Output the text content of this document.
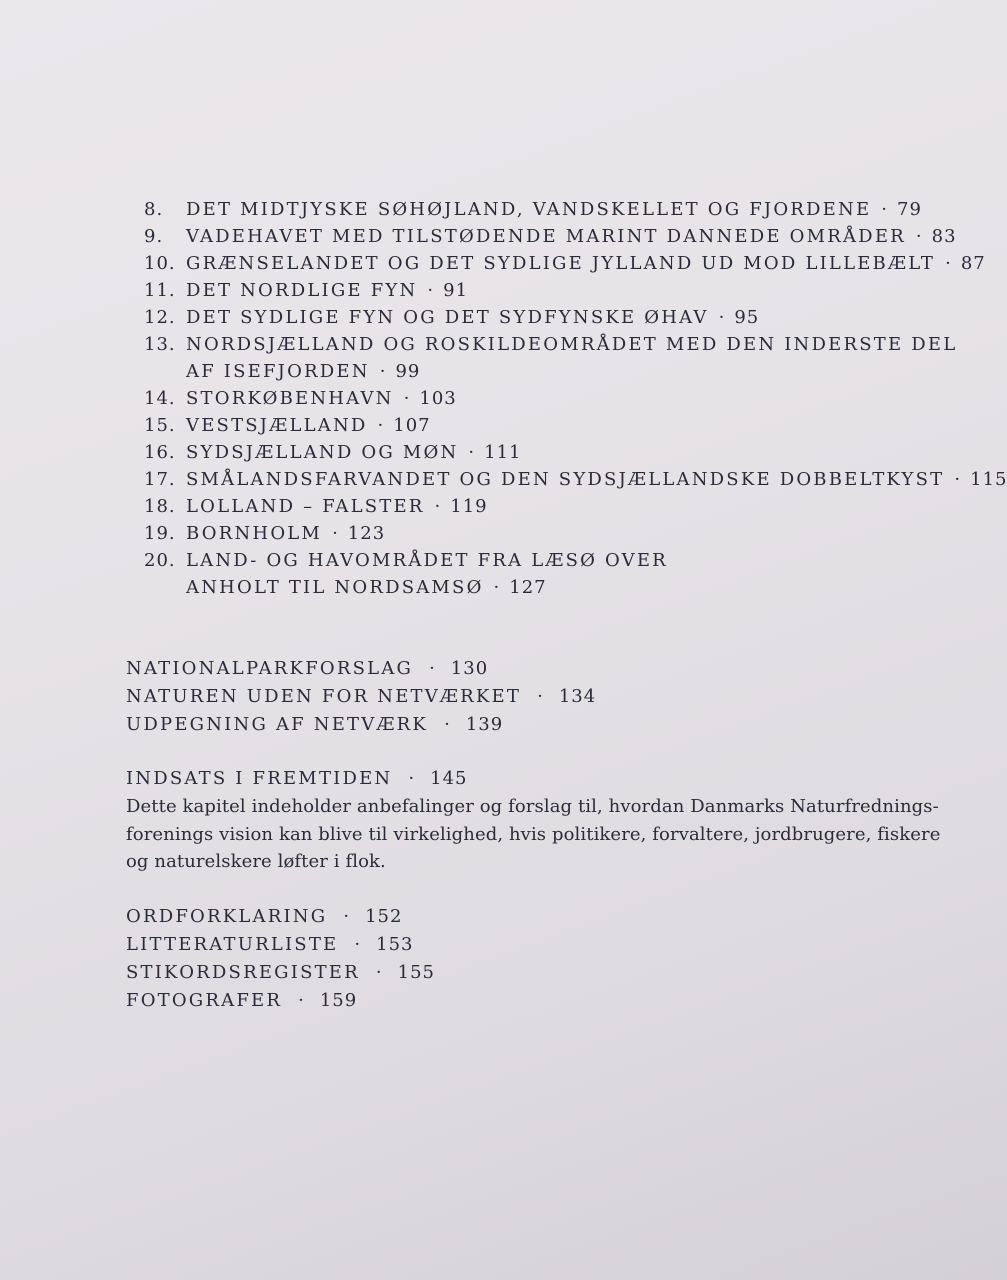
8.	DET MIDTJYSKE SØHØJLAND, VANDSKELLET OG FJORDENE · 79
9.	VADEHAVET MED TILSTØDENDE MARINT DANNEDE OMRÅDER · 83
10. GRÆNSELANDET OG DET SYDLIGE JYLLAND UD MOD LILLEBÆLT · 87
11. DET NORDLIGE FYN · 91
12. DET SYDLIGE FYN OG DET SYDFYNSKE ØHAV · 95
13. NORDSJÆLLAND OG ROSKILDEOMRÅDET MED DEN INDERSTE DEL
AF ISEFJORDEN · 99
14. STORKØBENHAVN · 103
15. VESTSJÆLLAND · 107
16. SYDSJÆLLAND OG MØN · 111
17. SMÅLANDSFARVANDET OG DEN SYDSJÆLLANDSKE DOBBELTKYST · 115
18. LOLLAND – FALSTER · 119
19. BORNHOLM · 123
20. LAND- OG HAVOMRÅDET FRA LÆSØ OVER
ANHOLT TIL NORDSAMSØ · 127
NATIONALPARKFORSLAG · 130
NATUREN UDEN FOR NETVÆRKET · 134
UDPEGNING AF NETVÆRK · 139
INDSATS I FREMTIDEN · 145
Dette kapitel indeholder anbefalinger og forslag til, hvordan Danmarks Naturfrednings-forenings vision kan blive til virkelighed, hvis politikere, forvaltere, jordbrugere, fiskere og naturelskere løfter i flok.
ORDFORKLARING · 152
LITTERATURLISTE · 153
STIKORDSREGISTER · 155
FOTOGRAFER · 159
